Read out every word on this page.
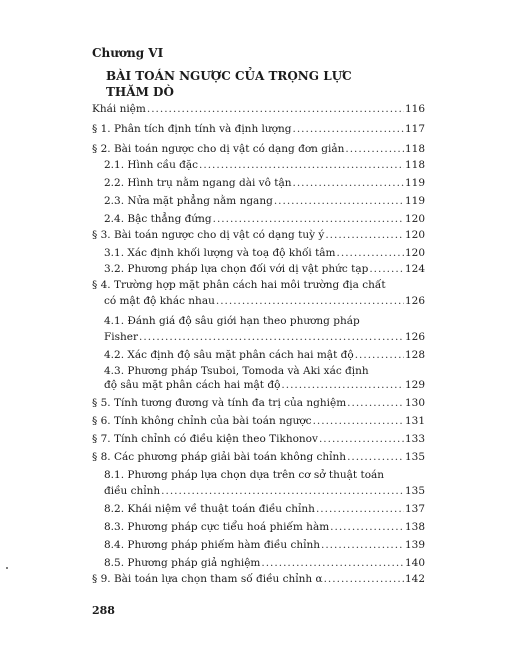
Chương VI
BÀI TOÁN NGƯỢC CỦA TRỌNG LỰC
THĂM DÒ
Khái niệm .....	116
§ 1. Phân tích định tính và định lượng .....	117
§ 2. Bài toán ngược cho dị vật có dạng đơn giản .....	118
2.1. Hình cầu đặc .....	118
2.2. Hình trụ nằm ngang dài vô tận .....	119
2.3. Nửa mặt phẳng nằm ngang .....	119
2.4. Bậc thẳng đứng .....	120
§ 3. Bài toán ngược cho dị vật có dạng tuỳ ý .....	120
3.1. Xác định khối lượng và toạ độ khối tâm .....	120
3.2. Phương pháp lựa chọn đối với dị vật phức tạp .....	124
§ 4. Trường hợp mặt phân cách hai môi trường địa chất
có mật độ khác nhau .....	126
4.1. Đánh giá độ sâu giới hạn theo phương pháp
Fisher .....	126
4.2. Xác định độ sâu mặt phân cách hai mật độ .....	128
4.3. Phương pháp Tsuboi, Tomoda và Aki xác định
độ sâu mặt phân cách hai mật độ .....	129
§ 5. Tính tương đương và tính đa trị của nghiệm .....	130
§ 6. Tính không chỉnh của bài toán ngược .....	131
§ 7. Tính chỉnh có điều kiện theo Tikhonov .....	133
§ 8. Các phương pháp giải bài toán không chỉnh .....	135
8.1. Phương pháp lựa chọn dựa trên cơ sở thuật toán
điều chỉnh .....	135
8.2. Khái niệm về thuật toán điều chỉnh .....	137
8.3. Phương pháp cực tiểu hoá phiếm hàm .....	138
8.4. Phương pháp phiếm hàm điều chỉnh .....	139
8.5. Phương pháp giả nghiệm .....	140
§ 9. Bài toán lựa chọn tham số điều chỉnh α .....	142
288
